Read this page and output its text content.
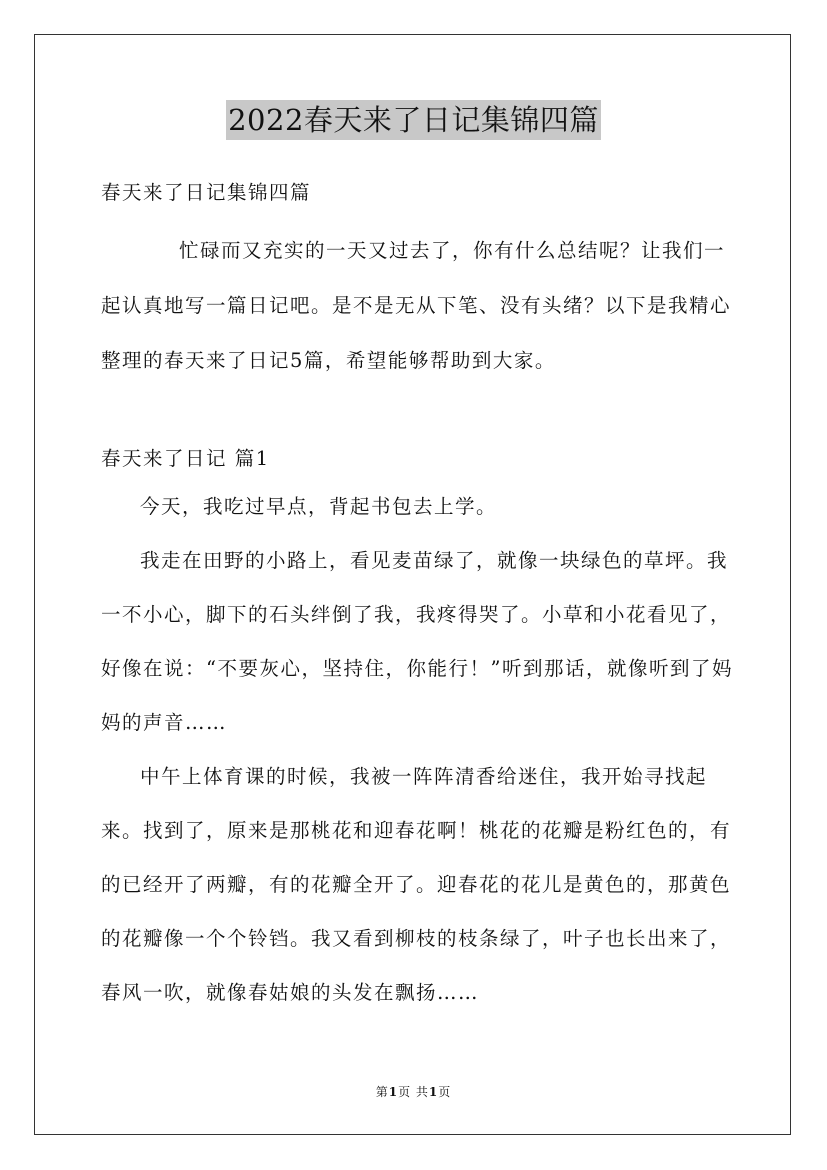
2022春天来了日记集锦四篇

春天来了日记集锦四篇

忙碌而又充实的一天又过去了，你有什么总结呢？让我们一起认真地写一篇日记吧。是不是无从下笔、没有头绪？以下是我精心整理的春天来了日记5篇，希望能够帮助到大家。

春天来了日记 篇1

今天，我吃过早点，背起书包去上学。

我走在田野的小路上，看见麦苗绿了，就像一块绿色的草坪。我一不小心，脚下的石头绊倒了我，我疼得哭了。小草和小花看见了，好像在说：“不要灰心，坚持住，你能行！”听到那话，就像听到了妈妈的声音……

中午上体育课的时候，我被一阵阵清香给迷住，我开始寻找起来。找到了，原来是那桃花和迎春花啊！桃花的花瓣是粉红色的，有的已经开了两瓣，有的花瓣全开了。迎春花的花儿是黄色的，那黄色的花瓣像一个个铃铛。我又看到柳枝的枝条绿了，叶子也长出来了，春风一吹，就像春姑娘的头发在飘扬……

第1页 共1页
